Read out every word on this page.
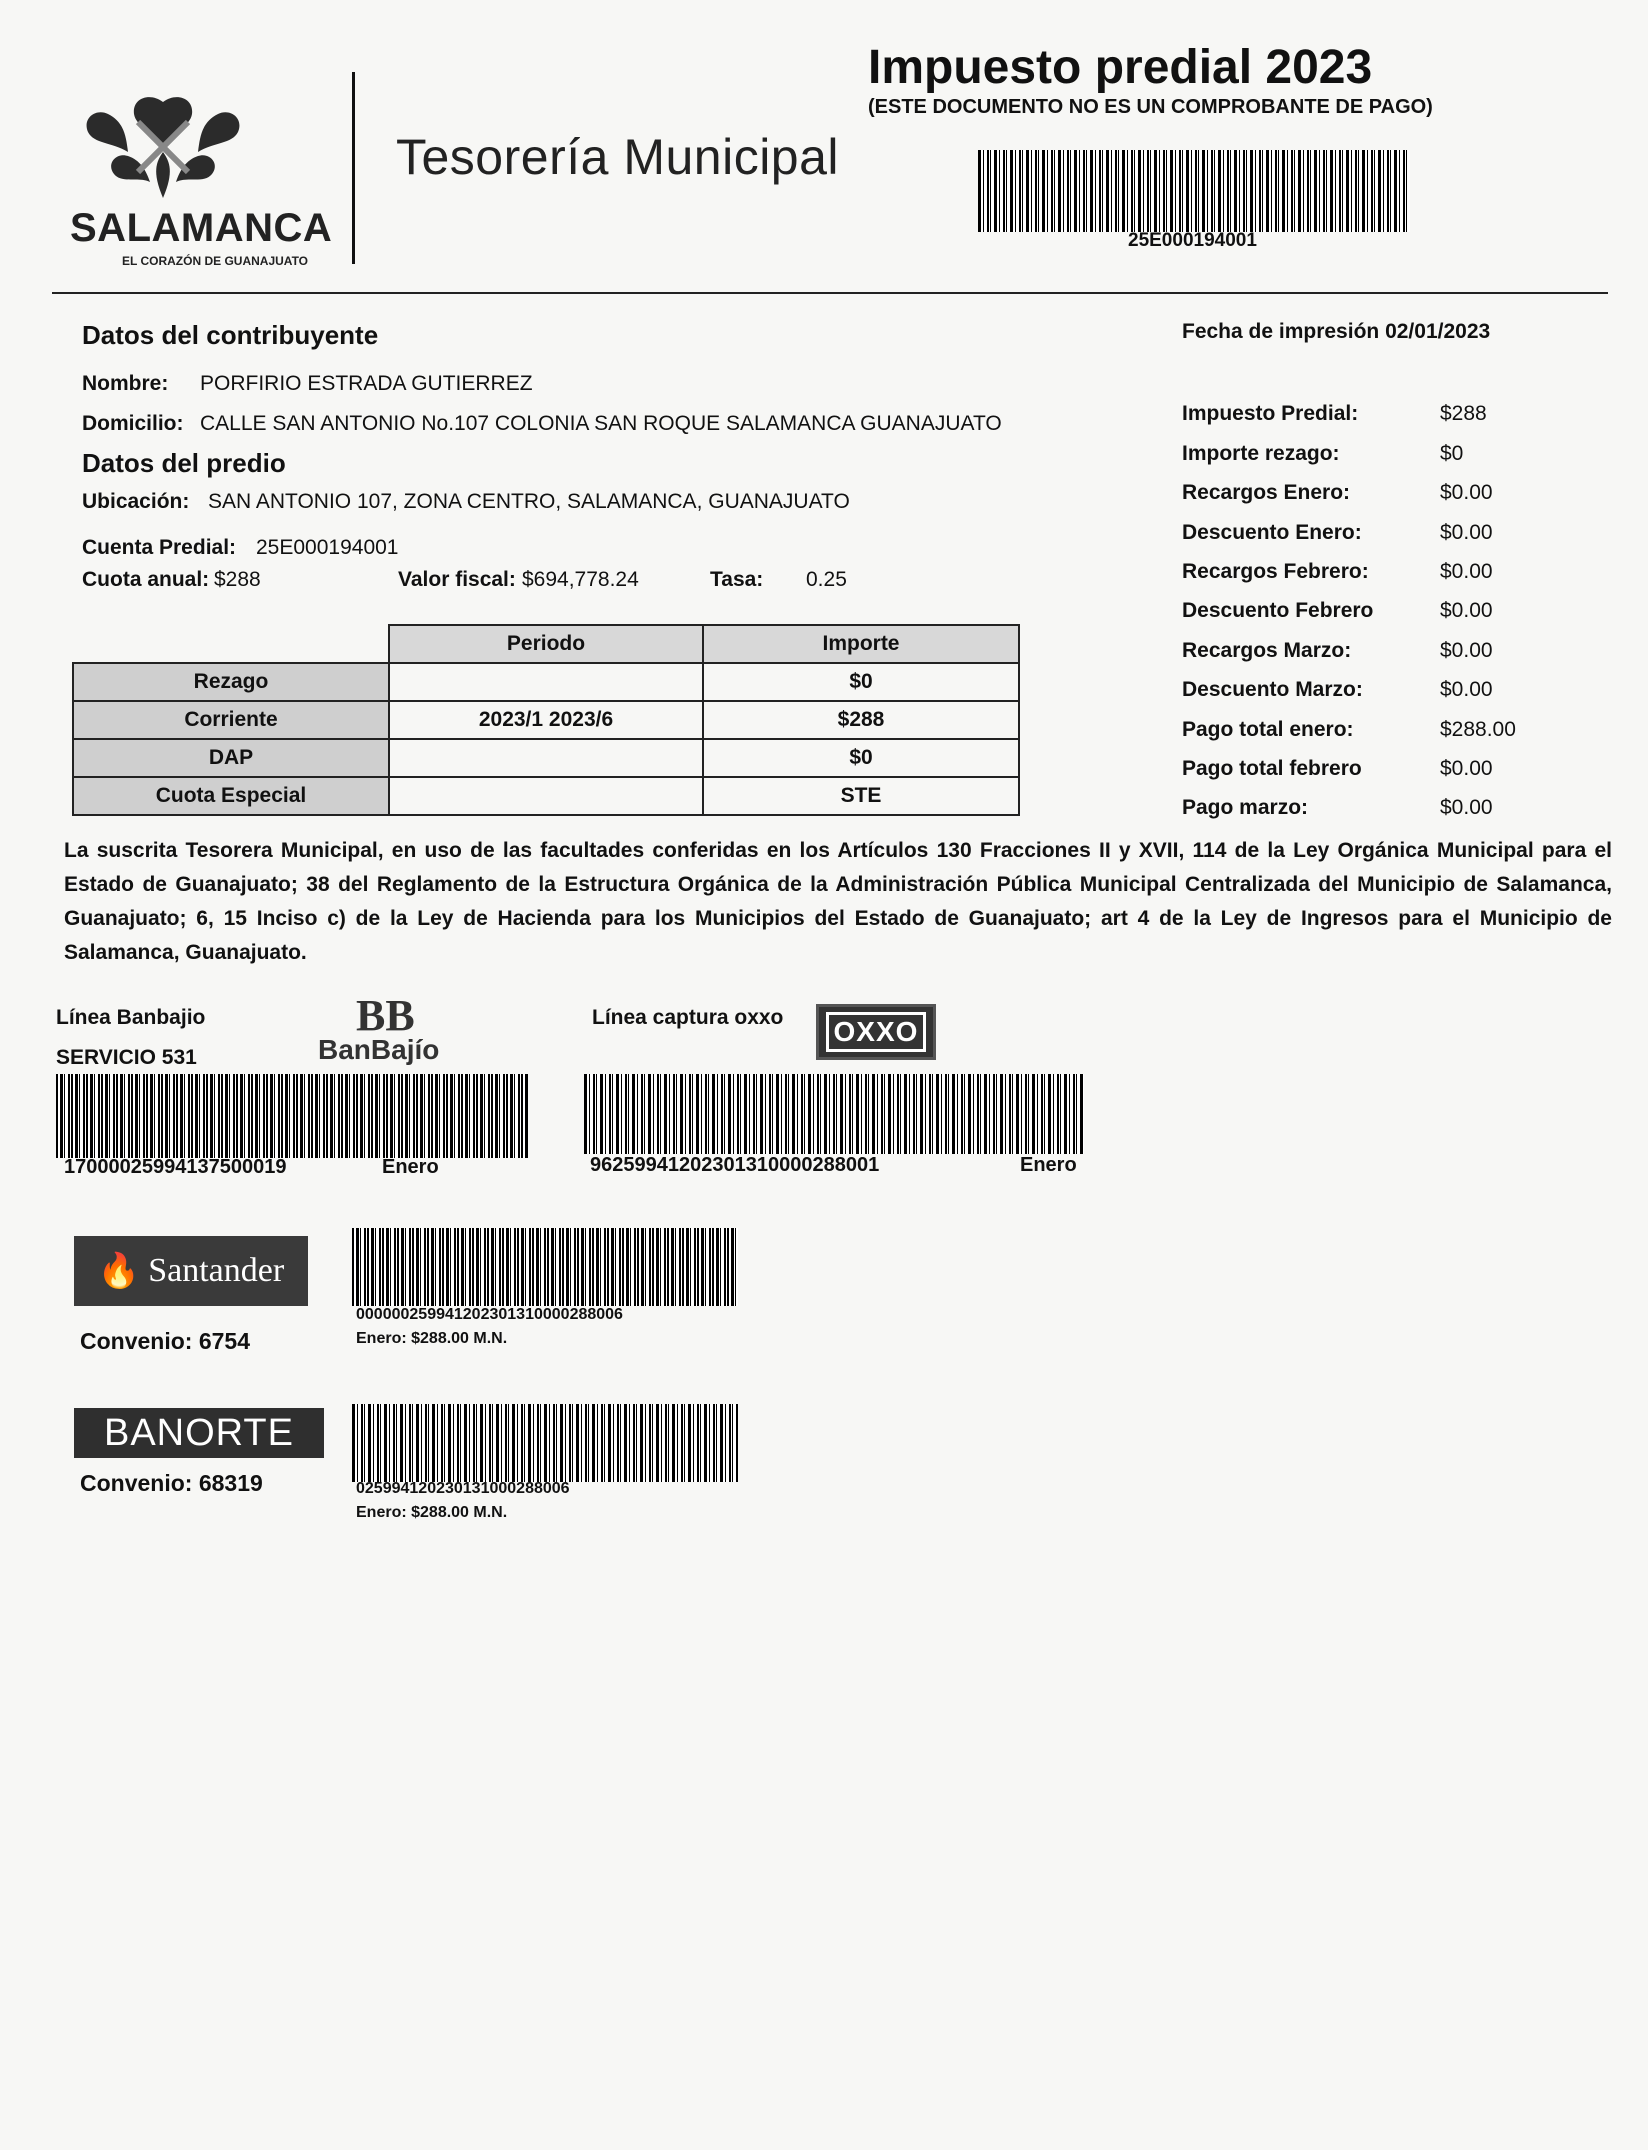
SALAMANCA
EL CORAZÓN DE GUANAJUATO
Tesorería Municipal
Impuesto predial 2023
(ESTE DOCUMENTO NO ES UN COMPROBANTE DE PAGO)
25E000194001
Datos del contribuyente
Nombre: PORFIRIO ESTRADA GUTIERREZ
Domicilio: CALLE SAN ANTONIO No.107 COLONIA SAN ROQUE SALAMANCA GUANAJUATO
Datos del predio
Ubicación: SAN ANTONIO 107, ZONA CENTRO, SALAMANCA, GUANAJUATO
Cuenta Predial: 25E000194001
Cuota anual: $288	Valor fiscal: $694,778.24	Tasa: 0.25
Fecha de impresión 02/01/2023
Impuesto Predial:	$288
Importe rezago:	$0
Recargos Enero:	$0.00
Descuento Enero:	$0.00
Recargos Febrero:	$0.00
Descuento Febrero	$0.00
Recargos Marzo:	$0.00
Descuento Marzo:	$0.00
Pago total enero:	$288.00
Pago total febrero	$0.00
Pago marzo:	$0.00
	Periodo	Importe
Rezago		$0
Corriente	2023/1 2023/6	$288
DAP		$0
Cuota Especial		STE
La suscrita Tesorera Municipal, en uso de las facultades conferidas en los Artículos 130 Fracciones II y XVII, 114 de la Ley Orgánica Municipal para el Estado de Guanajuato; 38 del Reglamento de la Estructura Orgánica de la Administración Pública Municipal Centralizada del Municipio de Salamanca, Guanajuato; 6, 15 Inciso c) de la Ley de Hacienda para los Municipios del Estado de Guanajuato; art 4 de la Ley de Ingresos para el Municipio de Salamanca, Guanajuato.
Línea Banbajio
SERVICIO 531
BB
BanBajío
17000025994137500019	Enero
Línea captura oxxo OXXO
96259941202301310000288001	Enero
🔥 Santander
Convenio: 6754
000000259941202301310000288006
Enero: $288.00 M.N.
BANORTE
Convenio: 68319	025994120230131000288006
Enero: $288.00 M.N.
